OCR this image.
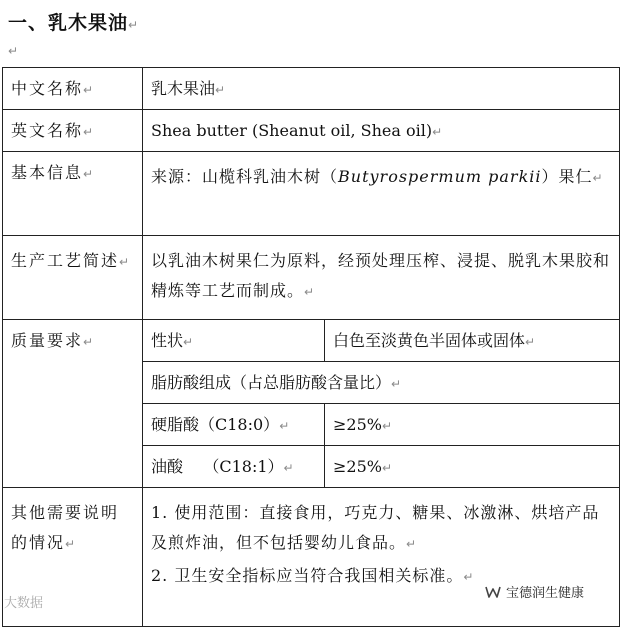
一、乳木果油↵
↵
中文名称↵	乳木果油↵	
英文名称↵	Shea butter (Sheanut oil, Shea oil)↵	
基本信息↵	来源：山榄科乳油木树（Butyrospermum parkii）果仁↵	
生产工艺简述↵	以乳油木树果仁为原料，经预处理压榨、浸提、脱乳木果胶和精炼等工艺而制成。↵	
质量要求↵	性状↵	白色至淡黄色半固体或固体↵
	脂肪酸组成（占总脂肪酸含量比）↵	
	硬脂酸（C18:0）↵	≥25%↵
	油酸    （C18:1）↵	≥25%↵
其他需要说明的情况↵	1. 使用范围：直接食用，巧克力、糖果、冰激淋、烘培产品及煎炸油，但不包括婴幼儿食品。↵
2. 卫生安全指标应当符合我国相关标准。↵	
大数据
宝德润生健康
